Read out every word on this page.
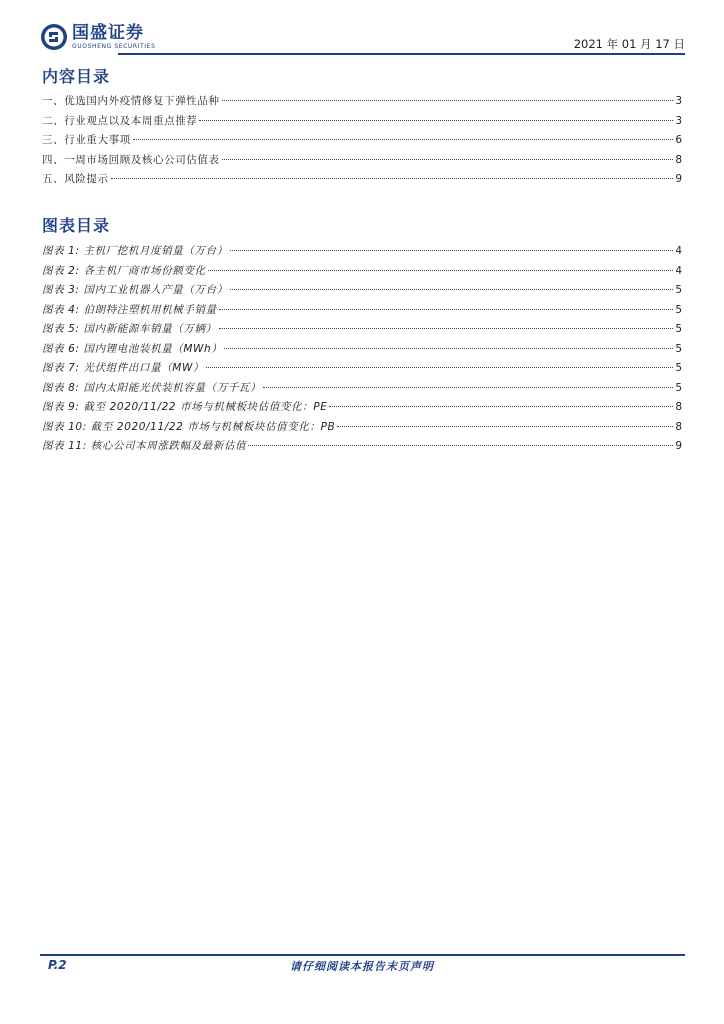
国盛证券
GUOSHENG SECURITIES	2021 年 01 月 17 日
内容目录
一、优选国内外疫情修复下弹性品种	3
二、行业观点以及本周重点推荐	3
三、行业重大事项	6
四、一周市场回顾及核心公司估值表	8
五、风险提示	9
图表目录
图表 1: 主机厂挖机月度销量（万台）	4
图表 2: 各主机厂商市场份额变化	4
图表 3: 国内工业机器人产量（万台）	5
图表 4: 伯朗特注塑机用机械手销量	5
图表 5: 国内新能源车销量（万辆）	5
图表 6: 国内锂电池装机量（MWh）	5
图表 7: 光伏组件出口量（MW）	5
图表 8: 国内太阳能光伏装机容量（万千瓦）	5
图表 9: 截至 2020/11/22 市场与机械板块估值变化：PE	8
图表 10: 截至 2020/11/22 市场与机械板块估值变化：PB	8
图表 11: 核心公司本周涨跌幅及最新估值	9
P.2	请仔细阅读本报告末页声明
